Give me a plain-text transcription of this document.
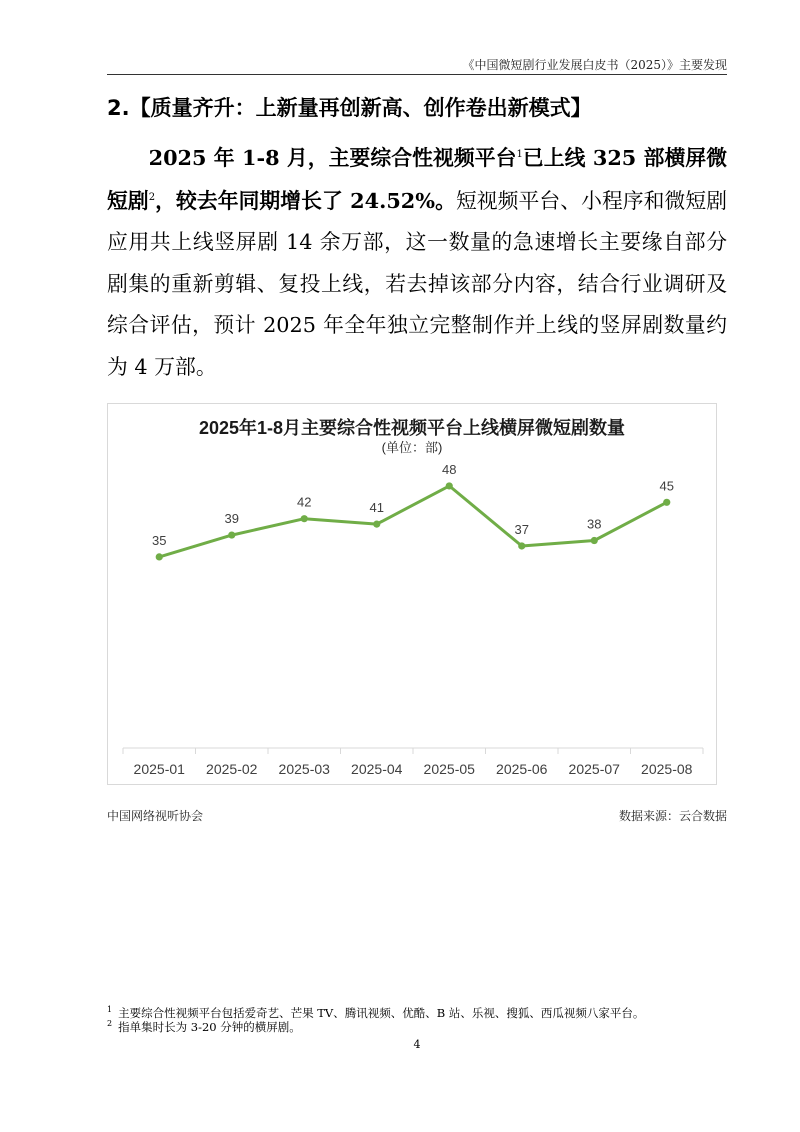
《中国微短剧行业发展白皮书（2025）》主要发现
2.【质量齐升：上新量再创新高、创作卷出新模式】

2025 年 1-8 月，主要综合性视频平台$^1$已上线 325 部横屏微短剧$^2$，较去年同期增长了 24.52%。短视频平台、小程序和微短剧应用共上线竖屏剧 14 余万部，这一数量的急速增长主要缘自部分剧集的重新剪辑、复投上线，若去掉该部分内容，结合行业调研及综合评估，预计 2025 年全年独立完整制作并上线的竖屏剧数量约为 4 万部。

35
39
42	41
48
37	38
45
2025-01 2025-02 2025-03 2025-04 2025-05 2025-06 2025-07 2025-08
2025年1-8月主要综合性视频平台上线横屏微短剧数量
(单位：部)
中国网络视听协会	数据来源：云合数据
$^1$ 主要综合性视频平台包括爱奇艺、芒果 TV、腾讯视频、优酷、B 站、乐视、搜狐、西瓜视频八家平台。
$^2$ 指单集时长为 3-20 分钟的横屏剧。
4
